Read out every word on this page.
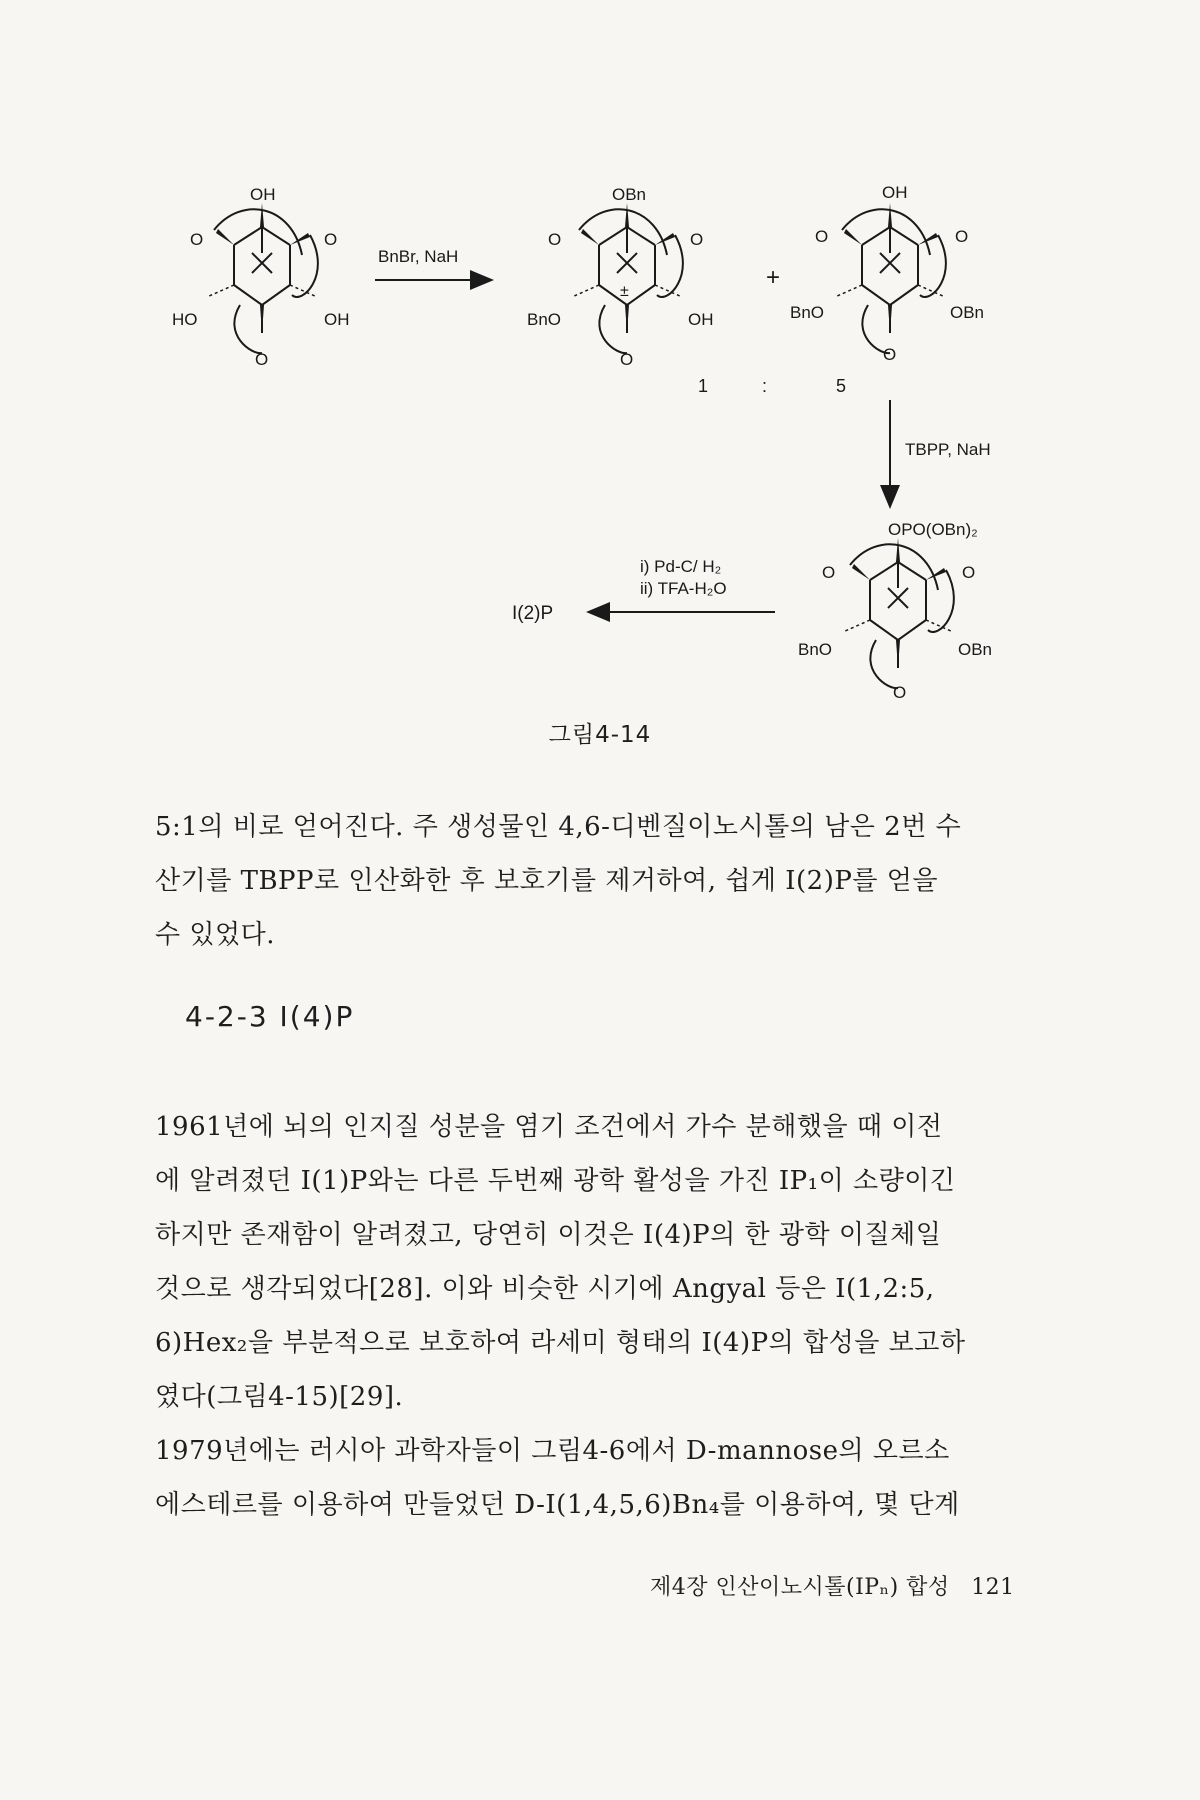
OH
O	O
HO	OH
O
BnBr, NaH
OBn
O	O
±
BnO	OH
O
+
OH
O	O
BnO	OBn
O
1	:	5
TBPP, NaH
OPO(OBn)₂
O	O
BnO	OBn
O
i) Pd-C/ H₂
ii) TFA-H₂O
I(2)P
그림4-14
5:1의 비로 얻어진다. 주 생성물인 4,6-디벤질이노시톨의 남은 2번 수
산기를 TBPP로 인산화한 후 보호기를 제거하여, 쉽게 I(2)P를 얻을
수 있었다.
4-2-3 I(4)P
1961년에 뇌의 인지질 성분을 염기 조건에서 가수 분해했을 때 이전
에 알려졌던 I(1)P와는 다른 두번째 광학 활성을 가진 IP₁이 소량이긴
하지만 존재함이 알려졌고, 당연히 이것은 I(4)P의 한 광학 이질체일
것으로 생각되었다[28]. 이와 비슷한 시기에 Angyal 등은 I(1,2:5,
6)Hex₂을 부분적으로 보호하여 라세미 형태의 I(4)P의 합성을 보고하
였다(그림4-15)[29].
1979년에는 러시아 과학자들이 그림4-6에서 D-mannose의 오르소
에스테르를 이용하여 만들었던 D-I(1,4,5,6)Bn₄를 이용하여, 몇 단계
제4장 인산이노시톨(IPₙ) 합성 121
